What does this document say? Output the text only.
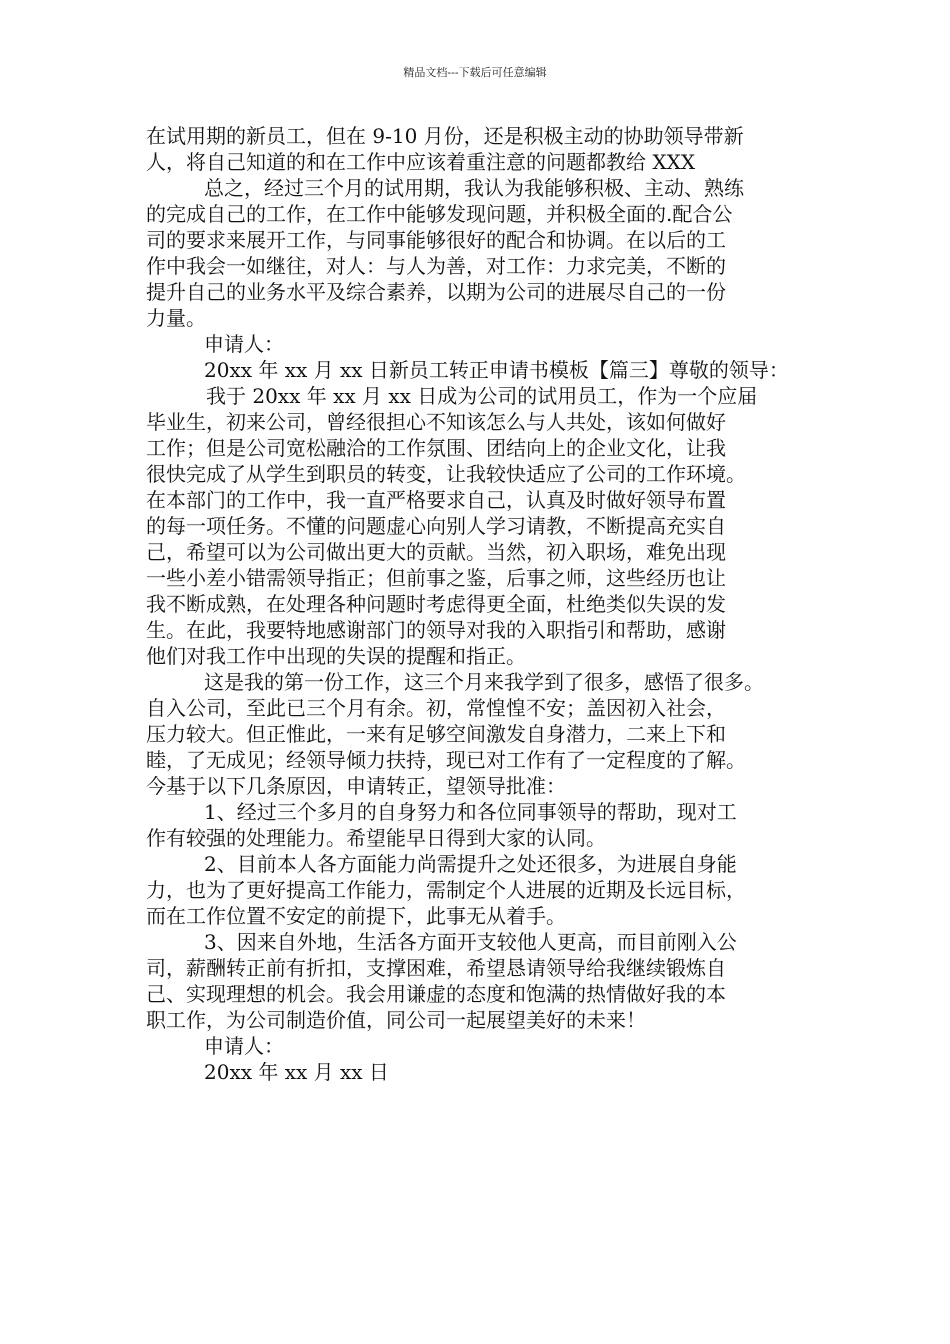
精品文档---下载后可任意编辑
在试用期的新员工，但在 9-10 月份，还是积极主动的协助领导带新
人，将自己知道的和在工作中应该着重注意的问题都教给 XXX
总之，经过三个月的试用期，我认为我能够积极、主动、熟练
的完成自己的工作，在工作中能够发现问题，并积极全面的.配合公
司的要求来展开工作，与同事能够很好的配合和协调。在以后的工
作中我会一如继往，对人：与人为善，对工作：力求完美，不断的
提升自己的业务水平及综合素养，以期为公司的进展尽自己的一份
力量。
申请人：
20xx 年 xx 月 xx 日新员工转正申请书模板【篇三】尊敬的领导：
我于 20xx 年 xx 月 xx 日成为公司的试用员工，作为一个应届
毕业生，初来公司，曾经很担心不知该怎么与人共处，该如何做好
工作；但是公司宽松融洽的工作氛围、团结向上的企业文化，让我
很快完成了从学生到职员的转变，让我较快适应了公司的工作环境。
在本部门的工作中，我一直严格要求自己，认真及时做好领导布置
的每一项任务。不懂的问题虚心向别人学习请教，不断提高充实自
己，希望可以为公司做出更大的贡献。当然，初入职场，难免出现
一些小差小错需领导指正；但前事之鉴，后事之师，这些经历也让
我不断成熟，在处理各种问题时考虑得更全面，杜绝类似失误的发
生。在此，我要特地感谢部门的领导对我的入职指引和帮助，感谢
他们对我工作中出现的失误的提醒和指正。
这是我的第一份工作，这三个月来我学到了很多，感悟了很多。
自入公司，至此已三个月有余。初，常惶惶不安；盖因初入社会，
压力较大。但正惟此，一来有足够空间激发自身潜力，二来上下和
睦，了无成见；经领导倾力扶持，现已对工作有了一定程度的了解。
今基于以下几条原因，申请转正，望领导批准：
1、经过三个多月的自身努力和各位同事领导的帮助，现对工
作有较强的处理能力。希望能早日得到大家的认同。
2、目前本人各方面能力尚需提升之处还很多，为进展自身能
力，也为了更好提高工作能力，需制定个人进展的近期及长远目标，
而在工作位置不安定的前提下，此事无从着手。
3、因来自外地，生活各方面开支较他人更高，而目前刚入公
司，薪酬转正前有折扣，支撑困难，希望恳请领导给我继续锻炼自
己、实现理想的机会。我会用谦虚的态度和饱满的热情做好我的本
职工作，为公司制造价值，同公司一起展望美好的未来！
申请人：
20xx 年 xx 月 xx 日
